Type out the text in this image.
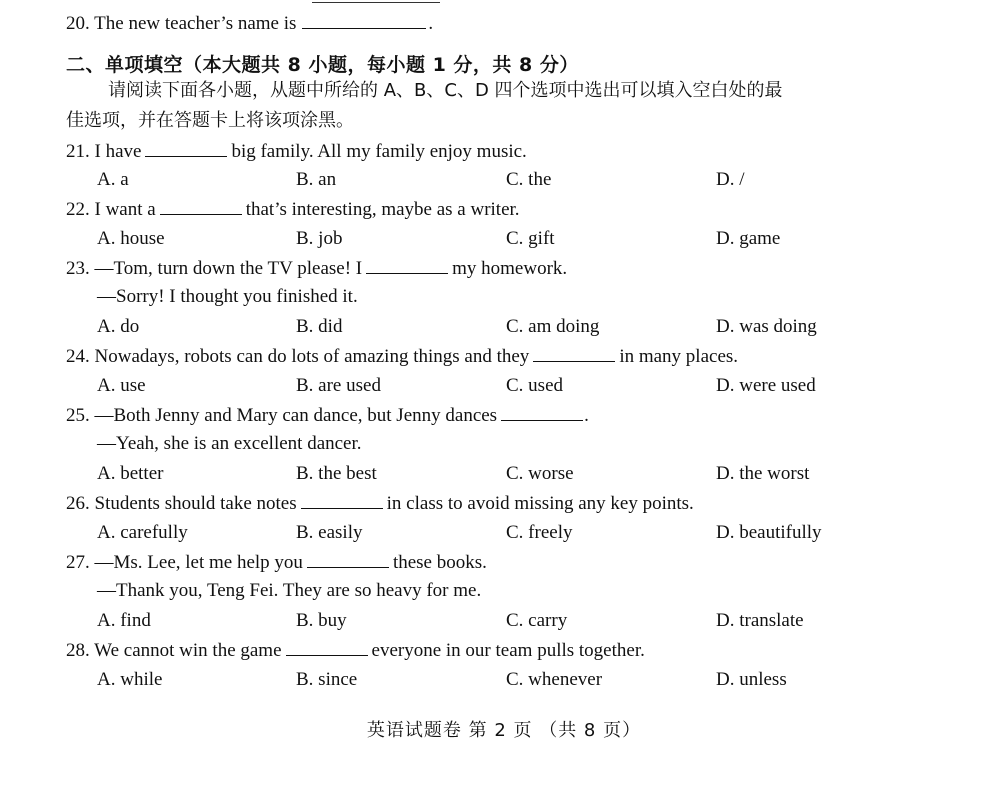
20. The new teacher’s name is	.
二、单项填空（本大题共 8 小题，每小题 1 分，共 8 分）
请阅读下面各小题，从题中所给的 A、B、C、D 四个选项中选出可以填入空白处的最
佳选项，并在答题卡上将该项涂黑。
21. I have	big family. All my family enjoy music.
A. a	B. an	C. the	D. /
22. I want a	that’s interesting, maybe as a writer.
A. house	B. job	C. gift	D. game
23. —Tom, turn down the TV please! I	my homework.
—Sorry! I thought you finished it.
A. do	B. did	C. am doing	D. was doing
24. Nowadays, robots can do lots of amazing things and they	in many places.
A. use	B. are used	C. used	D. were used
25. —Both Jenny and Mary can dance, but Jenny dances	.
—Yeah, she is an excellent dancer.
A. better	B. the best	C. worse	D. the worst
26. Students should take notes	in class to avoid missing any key points.
A. carefully	B. easily	C. freely	D. beautifully
27. —Ms. Lee, let me help you	these books.
—Thank you, Teng Fei. They are so heavy for me.
A. find	B. buy	C. carry	D. translate
28. We cannot win the game	everyone in our team pulls together.
A. while	B. since	C. whenever	D. unless
英语试题卷 第 2 页 （共 8 页）
